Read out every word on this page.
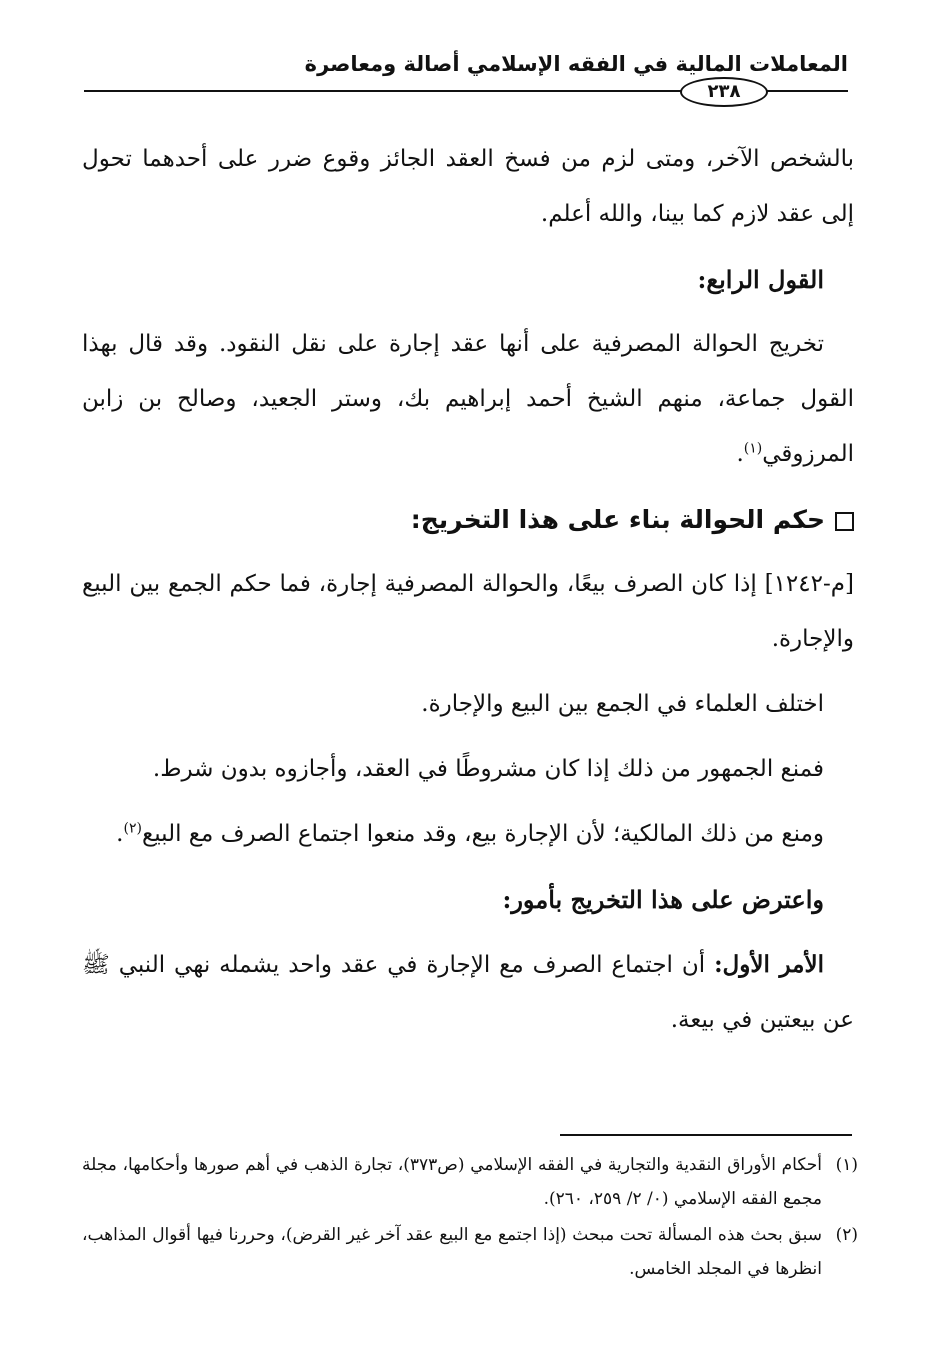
المعاملات المالية في الفقه الإسلامي أصالة ومعاصرة
٢٣٨

بالشخص الآخر، ومتى لزم من فسخ العقد الجائز وقوع ضرر على أحدهما تحول إلى عقد لازم كما بينا، والله أعلم.

القول الرابع:

تخريج الحوالة المصرفية على أنها عقد إجارة على نقل النقود. وقد قال بهذا القول جماعة، منهم الشيخ أحمد إبراهيم بك، وستر الجعيد، وصالح بن زابن المرزوقي$^{(١)}$.

حكم الحوالة بناء على هذا التخريج:

[م-١٢٤٢] إذا كان الصرف بيعًا، والحوالة المصرفية إجارة، فما حكم الجمع بين البيع والإجارة.

اختلف العلماء في الجمع بين البيع والإجارة.

فمنع الجمهور من ذلك إذا كان مشروطًا في العقد، وأجازوه بدون شرط.

ومنع من ذلك المالكية؛ لأن الإجارة بيع، وقد منعوا اجتماع الصرف مع البيع$^{(٢)}$.

واعترض على هذا التخريج بأمور:

الأمر الأول: أن اجتماع الصرف مع الإجارة في عقد واحد يشمله نهي النبي ﷺ عن بيعتين في بيعة.

(١)
أحكام الأوراق النقدية والتجارية في الفقه الإسلامي (ص٣٧٣)، تجارة الذهب في أهم صورها وأحكامها، مجلة مجمع الفقه الإسلامي (٠/ ٢/ ٢٥٩، ٢٦٠).
(٢)
سبق بحث هذه المسألة تحت مبحث (إذا اجتمع مع البيع عقد آخر غير القرض)، وحررنا فيها أقوال المذاهب، انظرها في المجلد الخامس.
